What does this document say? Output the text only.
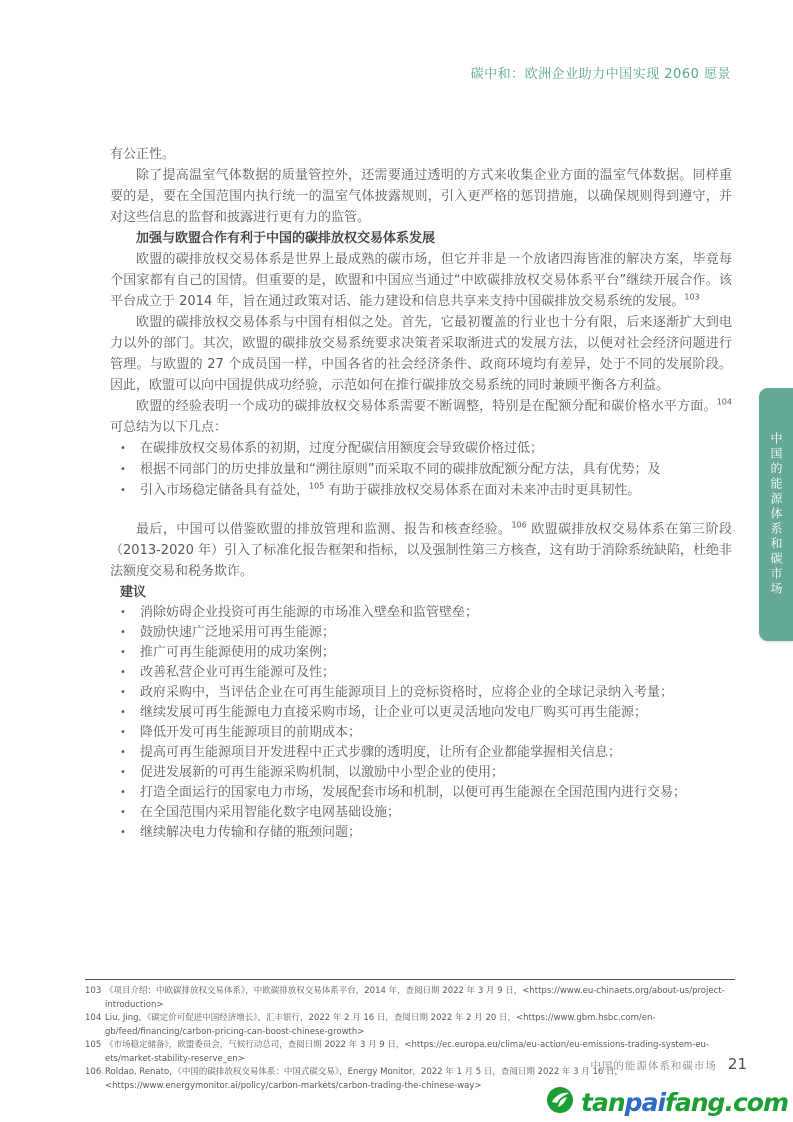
碳中和：欧洲企业助力中国实现 2060 愿景

有公正性。

除了提高温室气体数据的质量管控外，还需要通过透明的方式来收集企业方面的温室气体数据。同样重要的是，要在全国范围内执行统一的温室气体披露规则，引入更严格的惩罚措施，以确保规则得到遵守，并对这些信息的监督和披露进行更有力的监管。

加强与欧盟合作有利于中国的碳排放权交易体系发展

欧盟的碳排放权交易体系是世界上最成熟的碳市场，但它并非是一个放诸四海皆准的解决方案，毕竟每个国家都有自己的国情。但重要的是，欧盟和中国应当通过“中欧碳排放权交易体系平台”继续开展合作。该平台成立于 2014 年，旨在通过政策对话、能力建设和信息共享来支持中国碳排放交易系统的发展。$^{103}$

欧盟的碳排放权交易体系与中国有相似之处。首先，它最初覆盖的行业也十分有限，后来逐渐扩大到电力以外的部门。其次，欧盟的碳排放交易系统要求决策者采取渐进式的发展方法，以便对社会经济问题进行管理。与欧盟的 27 个成员国一样，中国各省的社会经济条件、政商环境均有差异，处于不同的发展阶段。因此，欧盟可以向中国提供成功经验，示范如何在推行碳排放交易系统的同时兼顾平衡各方利益。

欧盟的经验表明一个成功的碳排放权交易体系需要不断调整，特别是在配额分配和碳价格水平方面。$^{104}$ 可总结为以下几点：

• 在碳排放权交易体系的初期，过度分配碳信用额度会导致碳价格过低；
• 根据不同部门的历史排放量和“溯往原则”而采取不同的碳排放配额分配方法，具有优势；及
• 引入市场稳定储备具有益处，$^{105}$ 有助于碳排放权交易体系在面对未来冲击时更具韧性。

最后，中国可以借鉴欧盟的排放管理和监测、报告和核查经验。$^{106}$ 欧盟碳排放权交易体系在第三阶段（2013-2020 年）引入了标准化报告框架和指标，以及强制性第三方核查，这有助于消除系统缺陷，杜绝非法额度交易和税务欺诈。

建议

• 消除妨碍企业投资可再生能源的市场准入壁垒和监管壁垒；
• 鼓励快速广泛地采用可再生能源；
• 推广可再生能源使用的成功案例；
• 改善私营企业可再生能源可及性；
• 政府采购中，当评估企业在可再生能源项目上的竞标资格时，应将企业的全球记录纳入考量；
• 继续发展可再生能源电力直接采购市场，让企业可以更灵活地向发电厂购买可再生能源；
• 降低开发可再生能源项目的前期成本；
• 提高可再生能源项目开发进程中正式步骤的透明度，让所有企业都能掌握相关信息；
• 促进发展新的可再生能源采购机制，以激励中小型企业的使用；
• 打造全面运行的国家电力市场，发展配套市场和机制，以便可再生能源在全国范围内进行交易；
• 在全国范围内采用智能化数字电网基础设施；
• 继续解决电力传输和存储的瓶颈问题；
103 《项目介绍：中欧碳排放权交易体系》，中欧碳排放权交易体系平台，2014 年，查阅日期 2022 年 3 月 9 日，<https://www.eu-chinaets.org/about-us/project-introduction>
104 Liu, Jing，《碳定价可促进中国经济增长》，汇丰银行，2022 年 2 月 16 日，查阅日期 2022 年 2 月 20 日，<https://www.gbm.hsbc.com/en-gb/feed/financing/carbon-pricing-can-boost-chinese-growth>
105 《市场稳定储备》，欧盟委员会，气候行动总司，查阅日期 2022 年 3 月 9 日，<https://ec.europa.eu/clima/eu-action/eu-emissions-trading-system-eu-ets/market-stability-reserve_en>
106 Roldao, Renato，《中国的碳排放权交易体系：中国式碳交易》，Energy Monitor，2022 年 1 月 5 日，查阅日期 2022 年 3 月 16 日，<https://www.energymonitor.ai/policy/carbon-markets/carbon-trading-the-chinese-way>
中国的能源体系和碳市场 21
tanpaifang.com
中国的能源体系和碳市场
